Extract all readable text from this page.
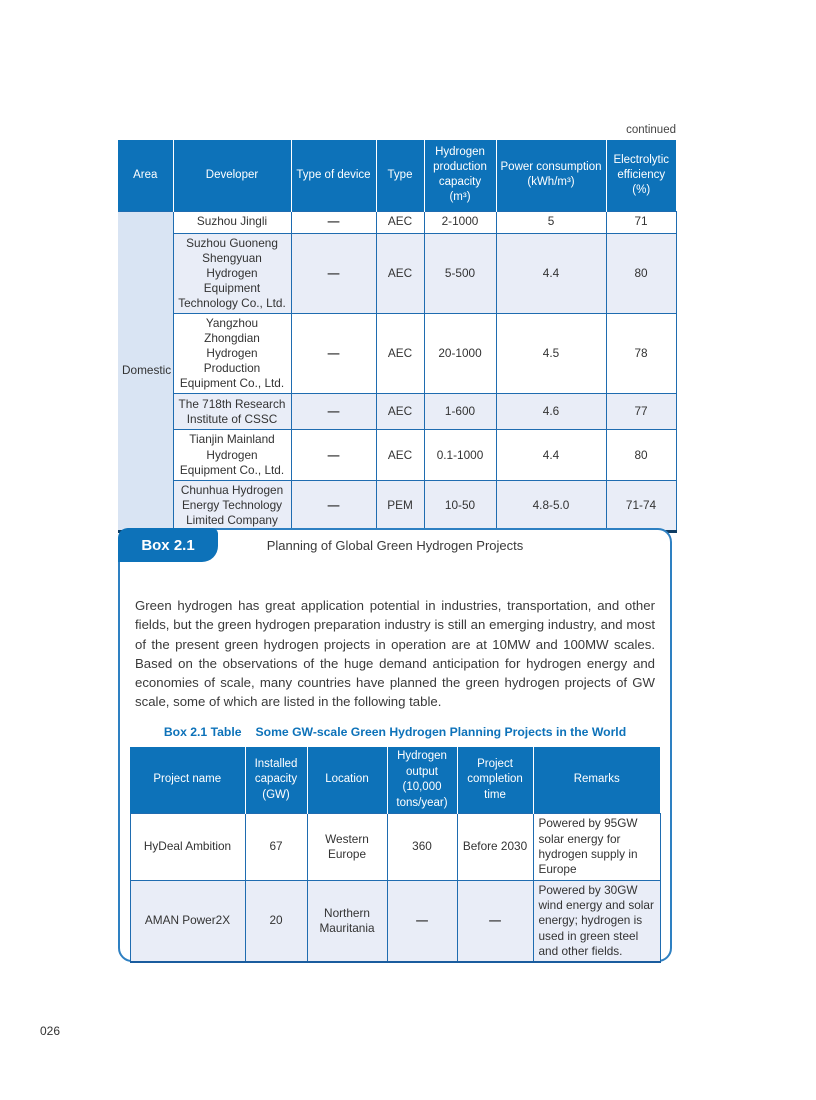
continued
Area	Developer	Type of device	Type	Hydrogen production capacity (m³)	Power consumption (kWh/m³)	Electrolytic efficiency (%)
Domestic	Suzhou Jingli	—	AEC	2-1000	5	71
	Suzhou Guoneng Shengyuan Hydrogen Equipment Technology Co., Ltd.	—	AEC	5-500	4.4	80
	Yangzhou Zhongdian Hydrogen Production Equipment Co., Ltd.	—	AEC	20-1000	4.5	78
	The 718th Research Institute of CSSC	—	AEC	1-600	4.6	77
	Tianjin Mainland Hydrogen Equipment Co., Ltd.	—	AEC	0.1-1000	4.4	80
	Chunhua Hydrogen Energy Technology Limited Company	—	PEM	10-50	4.8-5.0	71-74
Box 2.1	Planning of Global Green Hydrogen Projects

Green hydrogen has great application potential in industries, transportation, and other fields, but the green hydrogen preparation industry is still an emerging industry, and most of the present green hydrogen projects in operation are at 10MW and 100MW scales. Based on the observations of the huge demand anticipation for hydrogen energy and economies of scale, many countries have planned the green hydrogen projects of GW scale, some of which are listed in the following table.

Box 2.1 Table Some GW-scale Green Hydrogen Planning Projects in the World
Project name	Installed capacity (GW)	Location	Hydrogen output (10,000 tons/year)	Project completion time	Remarks
HyDeal Ambition	67	Western Europe	360	Before 2030	Powered by 95GW solar energy for hydrogen supply in Europe
AMAN Power2X	20	Northern Mauritania	—	—	Powered by 30GW wind energy and solar energy; hydrogen is used in green steel and other fields.
026
